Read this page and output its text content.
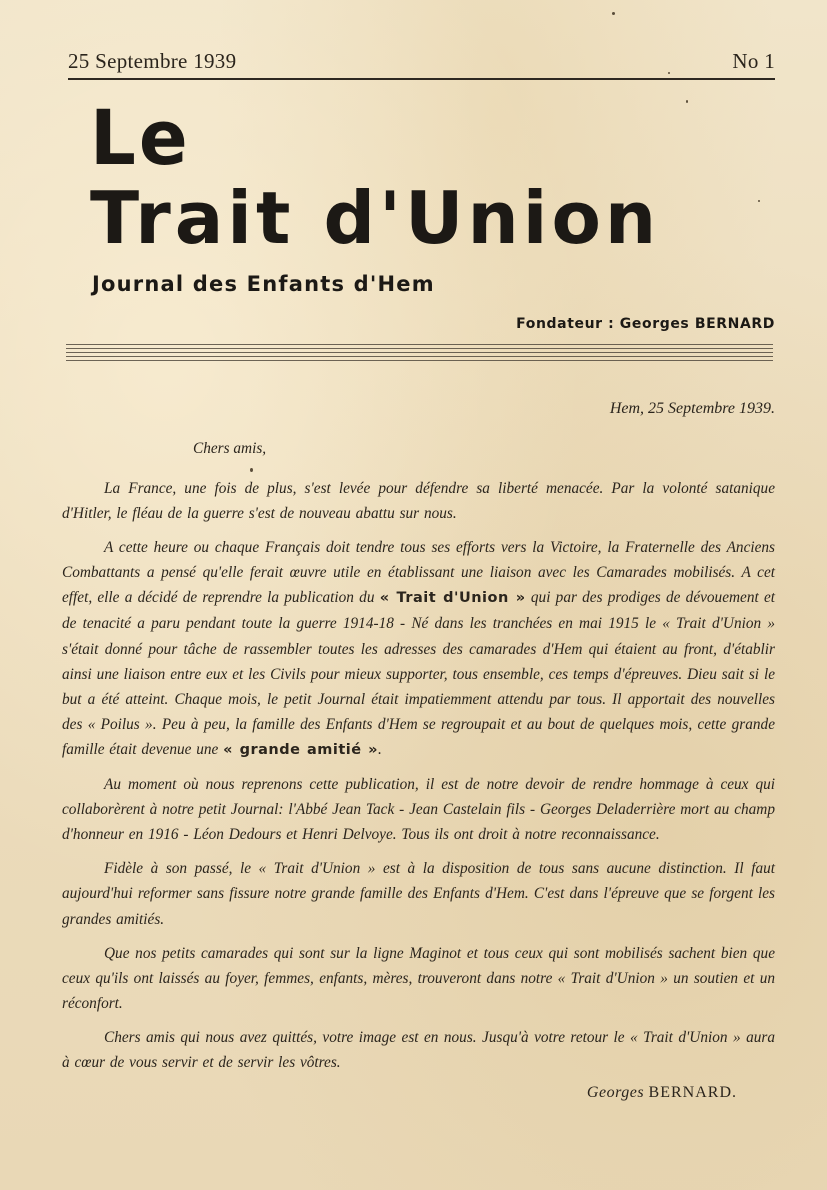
25 Septembre 1939	No 1
Le
Trait d'Union
Journal des Enfants d'Hem
Fondateur : Georges BERNARD
Hem, 25 Septembre 1939.
Chers amis,

La France, une fois de plus, s'est levée pour défendre sa liberté menacée. Par la volonté satanique d'Hitler, le fléau de la guerre s'est de nouveau abattu sur nous.

A cette heure ou chaque Français doit tendre tous ses efforts vers la Victoire, la Fraternelle des Anciens Combattants a pensé qu'elle ferait œuvre utile en établissant une liaison avec les Camarades mobilisés. A cet effet, elle a décidé de reprendre la publication du « Trait d'Union » qui par des prodiges de dévouement et de tenacité a paru pendant toute la guerre 1914-18 - Né dans les tranchées en mai 1915 le « Trait d'Union » s'était donné pour tâche de rassembler toutes les adresses des camarades d'Hem qui étaient au front, d'établir ainsi une liaison entre eux et les Civils pour mieux supporter, tous ensemble, ces temps d'épreuves. Dieu sait si le but a été atteint. Chaque mois, le petit Journal était impatiemment attendu par tous. Il apportait des nouvelles des « Poilus ». Peu à peu, la famille des Enfants d'Hem se regroupait et au bout de quelques mois, cette grande famille était devenue une « grande amitié ».

Au moment où nous reprenons cette publication, il est de notre devoir de rendre hommage à ceux qui collaborèrent à notre petit Journal: l'Abbé Jean Tack - Jean Castelain fils - Georges Deladerrière mort au champ d'honneur en 1916 - Léon Dedours et Henri Delvoye. Tous ils ont droit à notre reconnaissance.

Fidèle à son passé, le « Trait d'Union » est à la disposition de tous sans aucune distinction. Il faut aujourd'hui reformer sans fissure notre grande famille des Enfants d'Hem. C'est dans l'épreuve que se forgent les grandes amitiés.

Que nos petits camarades qui sont sur la ligne Maginot et tous ceux qui sont mobilisés sachent bien que ceux qu'ils ont laissés au foyer, femmes, enfants, mères, trouveront dans notre « Trait d'Union » un soutien et un réconfort.

Chers amis qui nous avez quittés, votre image est en nous. Jusqu'à votre retour le « Trait d'Union » aura à cœur de vous servir et de servir les vôtres.

Georges BERNARD.
